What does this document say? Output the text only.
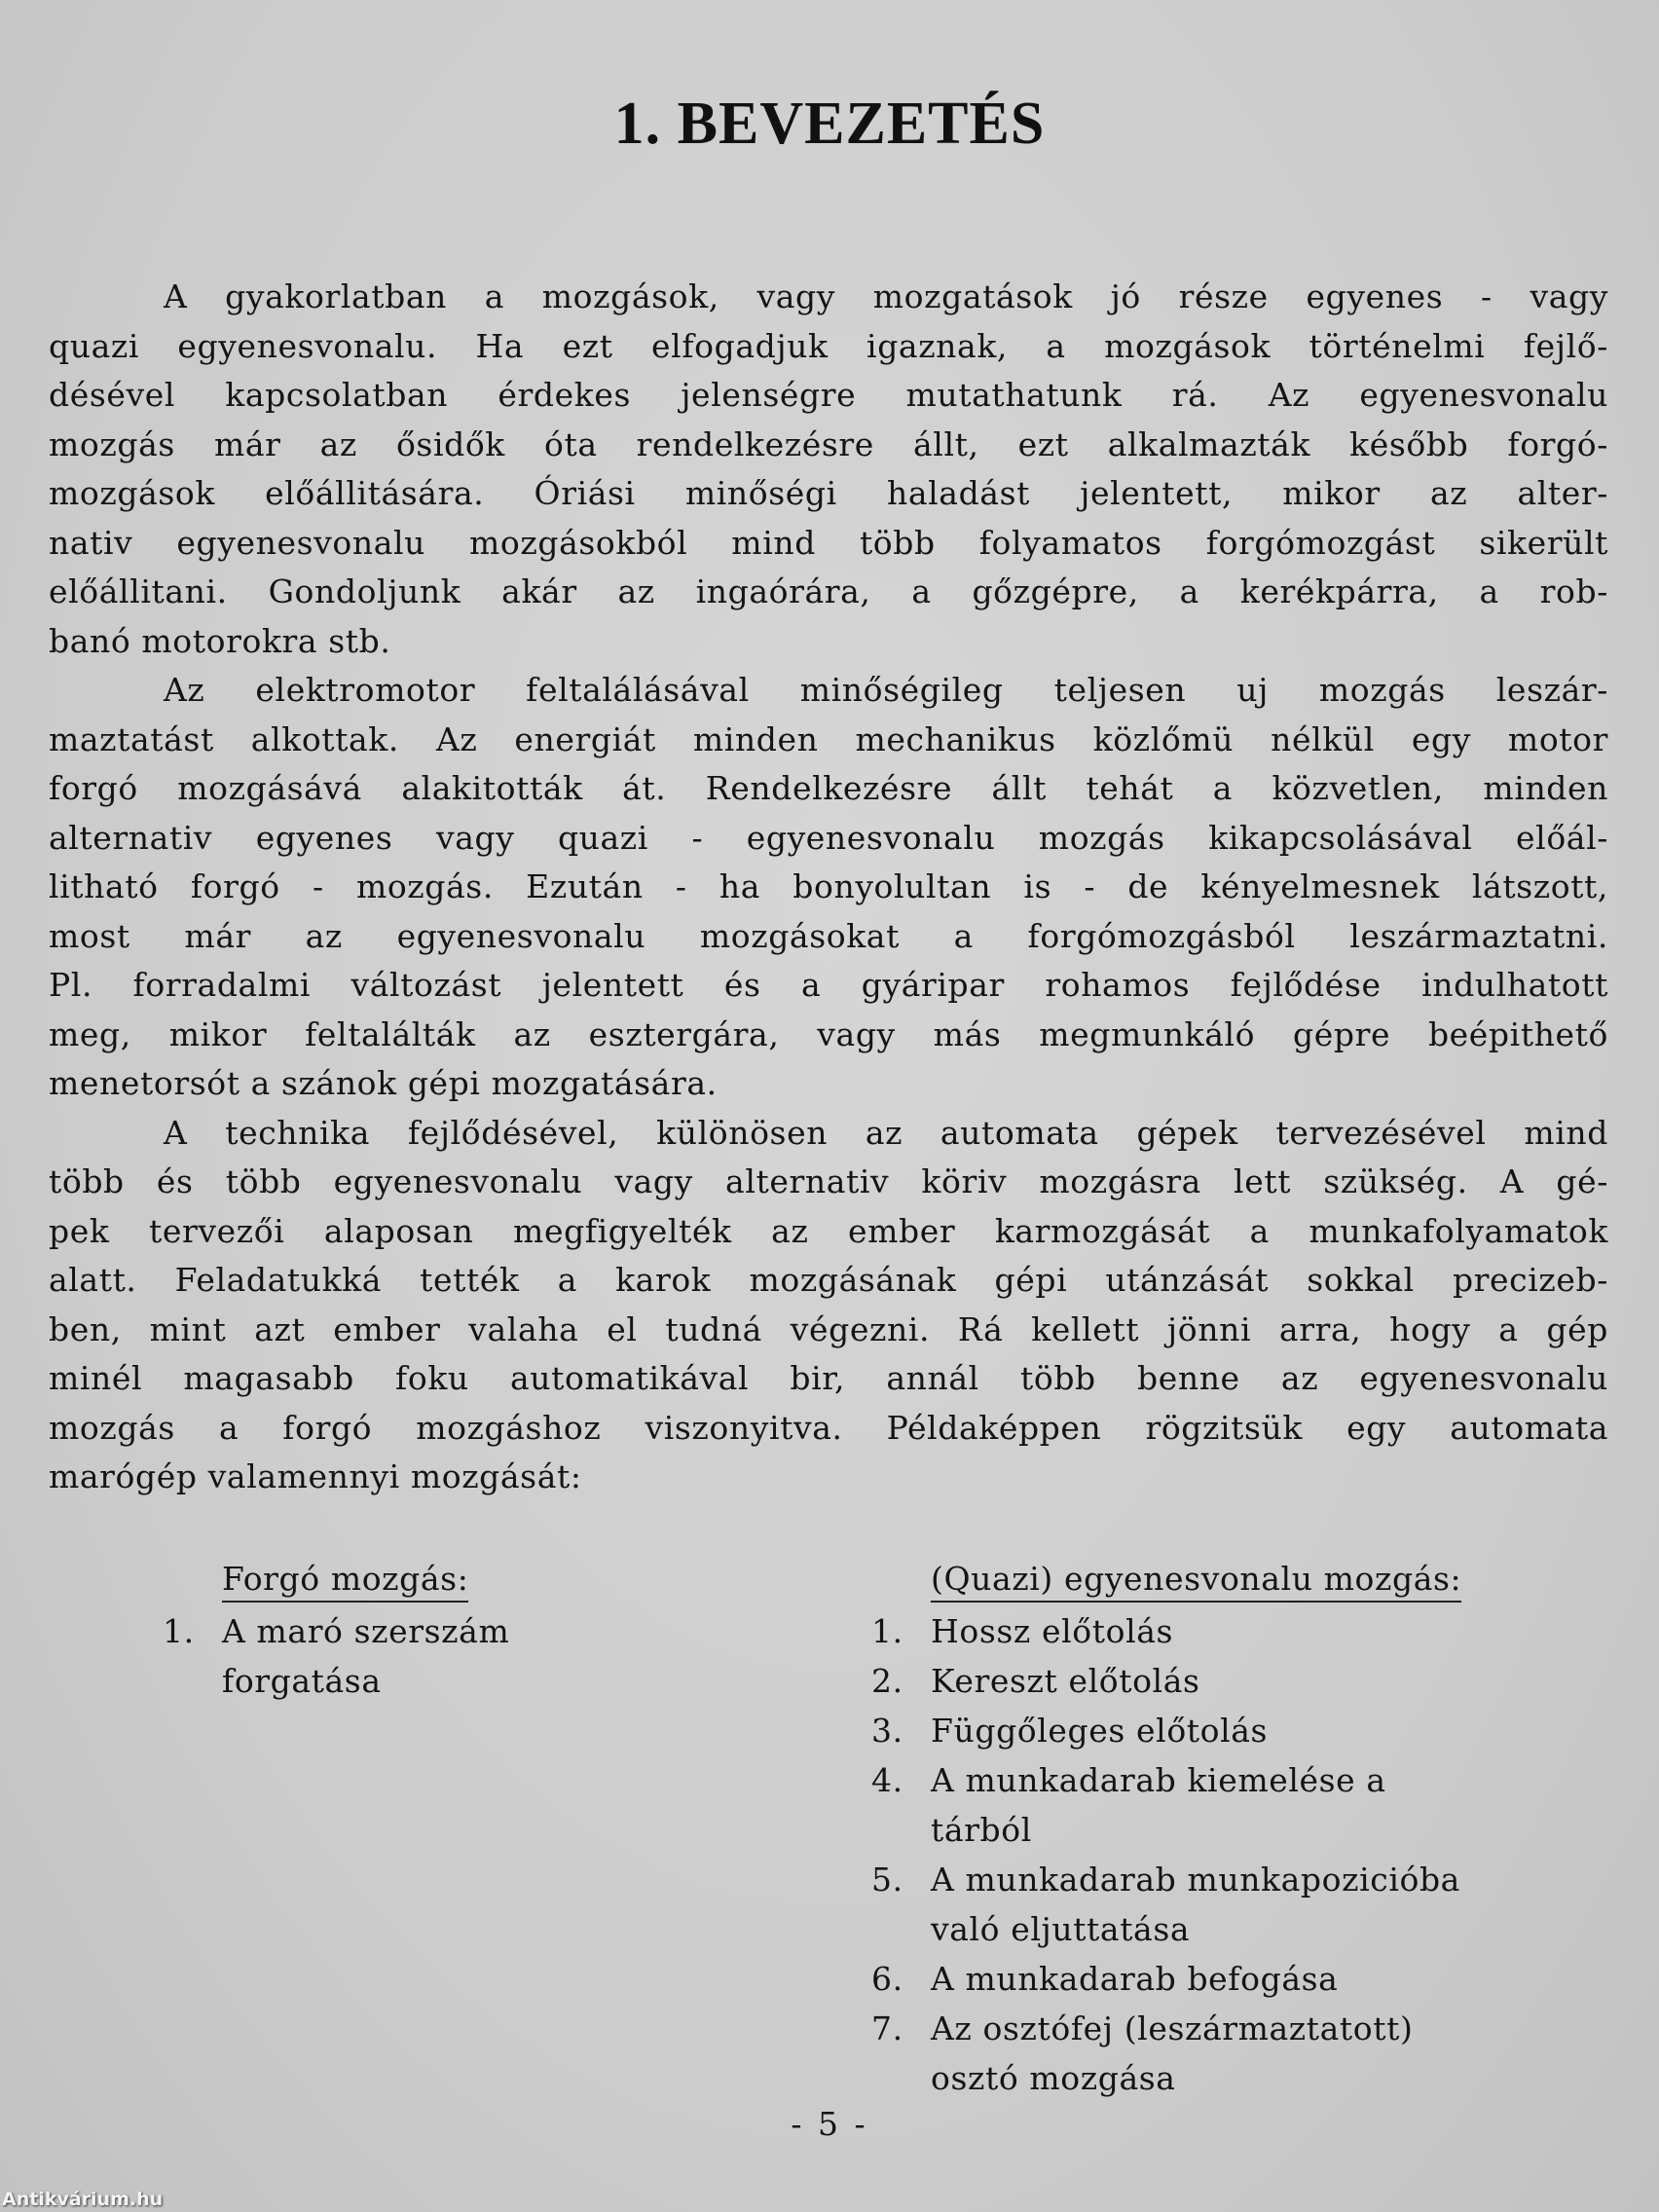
1. BEVEZETÉS
A gyakorlatban a mozgások, vagy mozgatások jó része egyenes - vagy
quazi egyenesvonalu. Ha ezt elfogadjuk igaznak, a mozgások történelmi fejlő-
désével kapcsolatban érdekes jelenségre mutathatunk rá. Az egyenesvonalu
mozgás már az ősidők óta rendelkezésre állt, ezt alkalmazták később forgó-
mozgások előállitására. Óriási minőségi haladást jelentett, mikor az alter-
nativ egyenesvonalu mozgásokból mind több folyamatos forgómozgást sikerült
előállitani. Gondoljunk akár az ingaórára, a gőzgépre, a kerékpárra, a rob-
banó motorokra stb.
Az elektromotor feltalálásával minőségileg teljesen uj mozgás leszár-
maztatást alkottak. Az energiát minden mechanikus közlőmü nélkül egy motor
forgó mozgásává alakitották át. Rendelkezésre állt tehát a közvetlen, minden
alternativ egyenes vagy quazi - egyenesvonalu mozgás kikapcsolásával előál-
litható forgó - mozgás. Ezután - ha bonyolultan is - de kényelmesnek látszott,
most már az egyenesvonalu mozgásokat a forgómozgásból leszármaztatni.
Pl. forradalmi változást jelentett és a gyáripar rohamos fejlődése indulhatott
meg, mikor feltalálták az esztergára, vagy más megmunkáló gépre beépithető
menetorsót a szánok gépi mozgatására.
A technika fejlődésével, különösen az automata gépek tervezésével mind
több és több egyenesvonalu vagy alternativ köriv mozgásra lett szükség. A gé-
pek tervezői alaposan megfigyelték az ember karmozgását a munkafolyamatok
alatt. Feladatukká tették a karok mozgásának gépi utánzását sokkal precizeb-
ben, mint azt ember valaha el tudná végezni. Rá kellett jönni arra, hogy a gép
minél magasabb foku automatikával bir, annál több benne az egyenesvonalu
mozgás a forgó mozgáshoz viszonyitva. Példaképpen rögzitsük egy automata
marógép valamennyi mozgását:
Forgó mozgás:
1. A maró szerszám
forgatása
(Quazi) egyenesvonalu mozgás:
1. Hossz előtolás
2. Kereszt előtolás
3. Függőleges előtolás
4. A munkadarab kiemelése a
tárból
5. A munkadarab munkapozicióba
való eljuttatása
6. A munkadarab befogása
7. Az osztófej (leszármaztatott)
osztó mozgása
- 5 -
Antikvárium.hu
